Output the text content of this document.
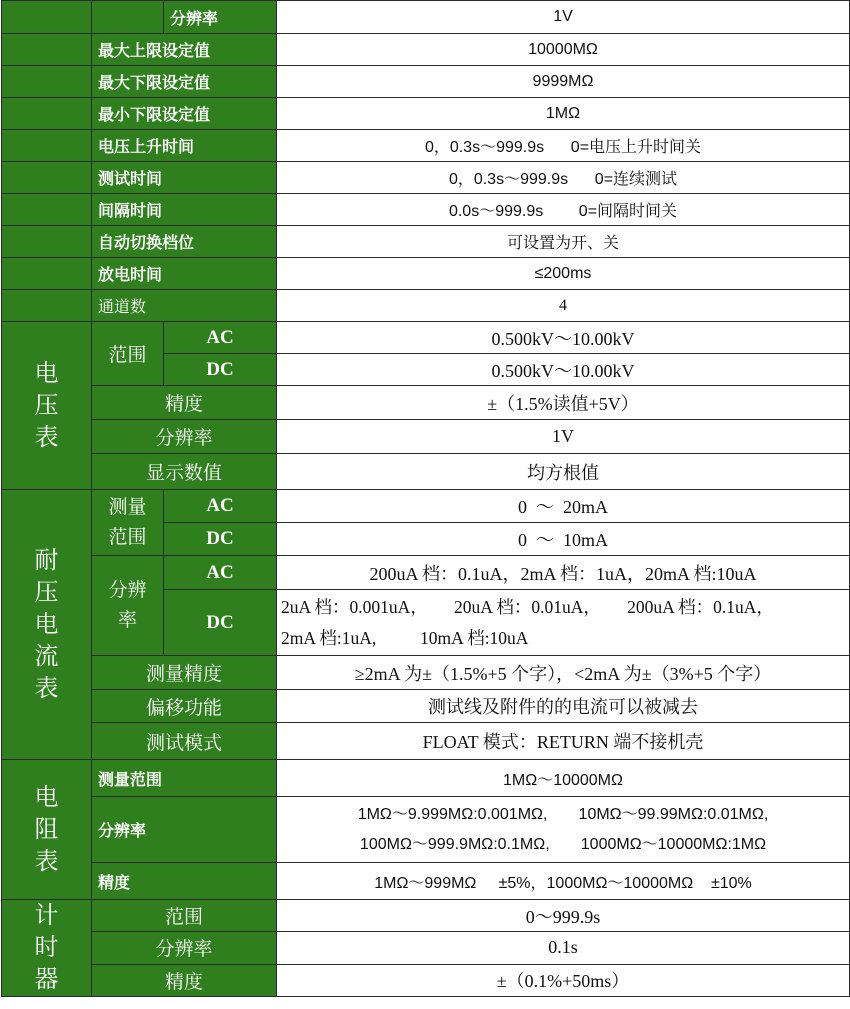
		分辨率	1V
	最大上限设定值		10000MΩ
	最大下限设定值		9999MΩ
	最小下限设定值		1MΩ
	电压上升时间		0，0.3s～999.9s      0=电压上升时间关
	测试时间		0，0.3s～999.9s      0=连续测试
	间隔时间		0.0s～999.9s        0=间隔时间关
	自动切换档位		可设置为开、关
	放电时间		≤200ms
	通道数		4
电
压
表	范围	AC	0.500kV～10.00kV
		DC	0.500kV～10.00kV
	精度		±（1.5%读值+5V）
	分辨率		1V
	显示数值		均方根值
耐
压
电
流
表	测量
范围	AC	0  ～  20mA
		DC	0  ～  10mA
	分辨
率	AC	200uA 档：0.1uA，2mA 档：1uA，20mA 档:10uA
		DC	2uA 档：0.001uA，      20uA 档：0.01uA，      200uA 档：0.1uA，
2mA 档:1uA,          10mA 档:10uA
	测量精度		≥2mA 为±（1.5%+5 个字），<2mA 为±（3%+5 个字）
	偏移功能		测试线及附件的的电流可以被减去
	测试模式		FLOAT 模式：RETURN 端不接机壳
电
阻
表	测量范围		1MΩ～10000MΩ
	分辨率		1MΩ～9.999MΩ:0.001MΩ,       10MΩ～99.99MΩ:0.01MΩ,
100MΩ～999.9MΩ:0.1MΩ,       1000MΩ～10000MΩ:1MΩ
	精度		1MΩ～999MΩ     ±5%，1000MΩ～10000MΩ    ±10%
计
时
器	范围		0～999.9s
	分辨率		0.1s
	精度		±（0.1%+50ms）
